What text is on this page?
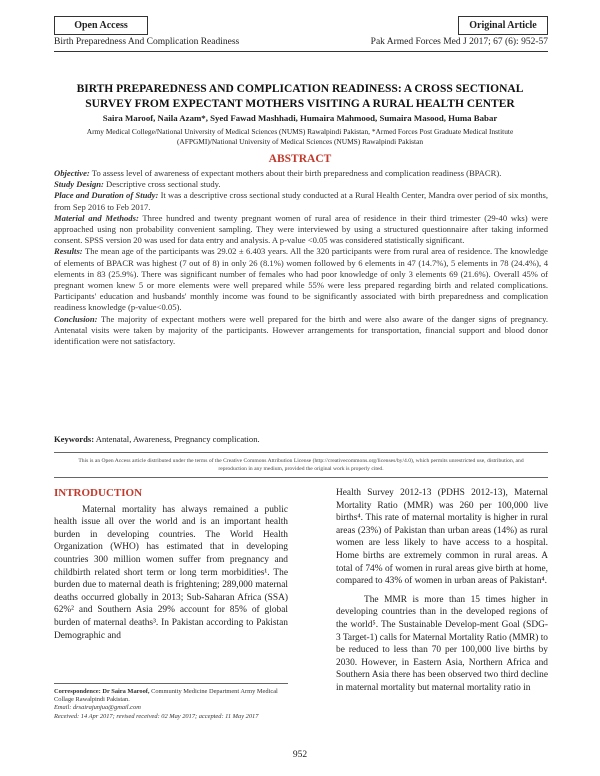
Open Access	Original Article
Birth Preparedness And Complication Readiness	Pak Armed Forces Med J 2017; 67 (6): 952-57
BIRTH PREPAREDNESS AND COMPLICATION READINESS: A CROSS SECTIONAL SURVEY FROM EXPECTANT MOTHERS VISITING A RURAL HEALTH CENTER
Saira Maroof, Naila Azam*, Syed Fawad Mashhadi, Humaira Mahmood, Sumaira Masood, Huma Babar
Army Medical College/National University of Medical Sciences (NUMS) Rawalpindi Pakistan, *Armed Forces Post Graduate Medical Institute (AFPGMI)/National University of Medical Sciences (NUMS) Rawalpindi Pakistan
ABSTRACT

Objective: To assess level of awareness of expectant mothers about their birth preparedness and complication readiness (BPACR).

Study Design: Descriptive cross sectional study.

Place and Duration of Study: It was a descriptive cross sectional study conducted at a Rural Health Center, Mandra over period of six months, from Sep 2016 to Feb 2017.

Material and Methods: Three hundred and twenty pregnant women of rural area of residence in their third trimester (29-40 wks) were approached using non probability convenient sampling. They were interviewed by using a structured questionnaire after taking informed consent. SPSS version 20 was used for data entry and analysis. A p-value <0.05 was considered statistically significant.

Results: The mean age of the participants was 29.02 ± 6.403 years. All the 320 participants were from rural area of residence. The knowledge of elements of BPACR was highest (7 out of 8) in only 26 (8.1%) women followed by 6 elements in 47 (14.7%), 5 elements in 78 (24.4%), 4 elements in 83 (25.9%). There was significant number of females who had poor knowledge of only 3 elements 69 (21.6%). Overall 45% of pregnant women knew 5 or more elements were well prepared while 55% were less prepared regarding birth and related complications. Participants' education and husbands' monthly income was found to be significantly associated with birth preparedness and complication readiness knowledge (p-value<0.05).

Conclusion: The majority of expectant mothers were well prepared for the birth and were also aware of the danger signs of pregnancy. Antenatal visits were taken by majority of the participants. However arrangements for transportation, financial support and blood donor identification were not satisfactory.

Keywords: Antenatal, Awareness, Pregnancy complication.
This is an Open Access article distributed under the terms of the Creative Commons Attribution License (http://creativecommons.org/licenses/by/4.0), which permits unrestricted use, distribution, and reproduction in any medium, provided the original work is properly cited.
INTRODUCTION

Maternal mortality has always remained a public health issue all over the world and is an important health burden in developing countries. The World Health Organization (WHO) has estimated that in developing countries 300 million women suffer from pregnancy and childbirth related short term or long term morbidities¹. The burden due to maternal death is frightening; 289,000 maternal deaths occurred globally in 2013; Sub-Saharan Africa (SSA) 62%² and Southern Asia 29% account for 85% of global burden of maternal deaths³. In Pakistan according to Pakistan Demographic and

Health Survey 2012-13 (PDHS 2012-13), Maternal Mortality Ratio (MMR) was 260 per 100,000 live births⁴. This rate of maternal mortality is higher in rural areas (23%) of Pakistan than urban areas (14%) as rural women are less likely to have access to a hospital. Home births are extremely common in rural areas. A total of 74% of women in rural areas give birth at home, compared to 43% of women in urban areas of Pakistan⁴.

The MMR is more than 15 times higher in developing countries than in the developed regions of the world⁵. The Sustainable Develop-ment Goal (SDG-3 Target-1) calls for Maternal Mortality Ratio (MMR) to be reduced to less than 70 per 100,000 live births by 2030. However, in Eastern Asia, Northern Africa and Southern Asia there has been observed two third decline in maternal mortality but maternal mortality ratio in

Correspondence: Dr Saira Maroof, Community Medicine Department Army Medical Collage Rawalpindi Pakistan.
Email: drsairajunjua@gmail.com
Received: 14 Apr 2017; revised received: 02 May 2017; accepted: 11 May 2017
952
